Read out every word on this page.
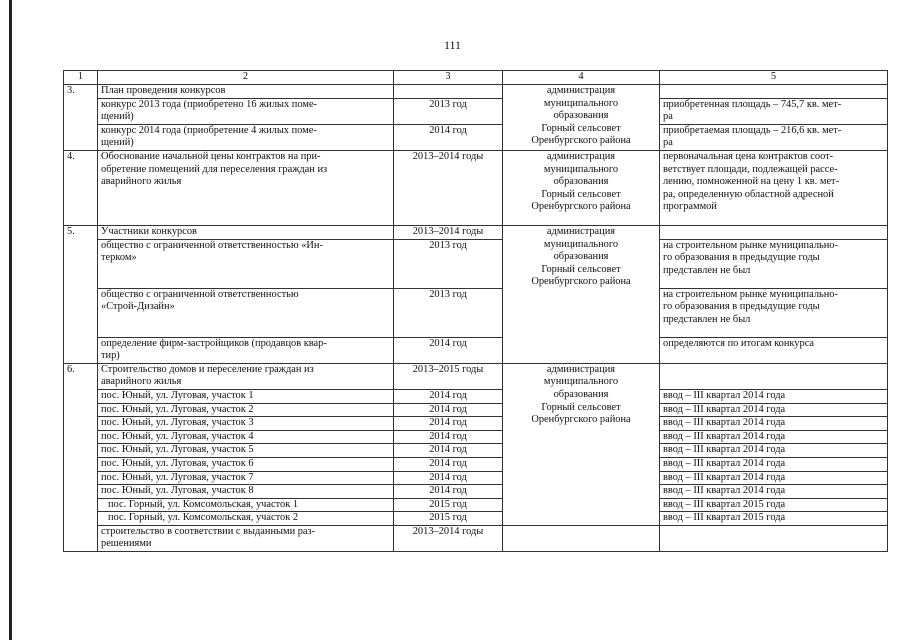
111
1	2	3	4	5
3.	План проведения конкурсов		администрация
муниципального
образования
Горный сельсовет
Оренбургского района	

	конкурс 2013 года (приобретено 16 жилых поме-
щений)	2013 год		приобретенная площадь – 745,7 кв. мет-
ра

	конкурс 2014 года (приобретение 4 жилых поме-
щений)	2014 год		приобретаемая площадь – 216,6 кв. мет-
ра

4.	Обоснование начальной цены контрактов на при-
обретение помещений для переселения граждан из
аварийного жилья	2013–2014 годы	администрация
муниципального
образования
Горный сельсовет
Оренбургского района	первоначальная цена контрактов соот-
ветствует площади, подлежащей рассе-
лению, помноженной на цену 1 кв. мет-
ра, определенную областной адресной
программой

5.	Участники конкурсов	2013–2014 годы	администрация
муниципального
образования
Горный сельсовет
Оренбургского района	

	общество с ограниченной ответственностью «Ин-
терком»	2013 год		на строительном рынке муниципально-
го образования в предыдущие годы
представлен не был

	общество с ограниченной ответственностью
«Строй-Дизайн»	2013 год		на строительном рынке муниципально-
го образования в предыдущие годы
представлен не был

	определение фирм-застройщиков (продавцов квар-
тир)	2014 год		определяются по итогам конкурса
6.	Строительство домов и переселение граждан из
аварийного жилья	2013–2015 годы	администрация
муниципального
образования
Горный сельсовет
Оренбургского района	

	пос. Юный, ул. Луговая, участок 1	2014 год		ввод – III квартал 2014 года
	пос. Юный, ул. Луговая, участок 2	2014 год		ввод – III квартал 2014 года
	пос. Юный, ул. Луговая, участок 3	2014 год		ввод – III квартал 2014 года
	пос. Юный, ул. Луговая, участок 4	2014 год		ввод – III квартал 2014 года
	пос. Юный, ул. Луговая, участок 5	2014 год		ввод – III квартал 2014 года
	пос. Юный, ул. Луговая, участок 6	2014 год		ввод – III квартал 2014 года
	пос. Юный, ул. Луговая, участок 7	2014 год		ввод – III квартал 2014 года
	пос. Юный, ул. Луговая, участок 8	2014 год		ввод – III квартал 2014 года
	пос. Горный, ул. Комсомольская, участок 1	2015 год		ввод – III квартал 2015 года
	пос. Горный, ул. Комсомольская, участок 2	2015 год		ввод – III квартал 2015 года

	строительство в соответствии с выданными раз-
решениями	2013–2014 годы		
